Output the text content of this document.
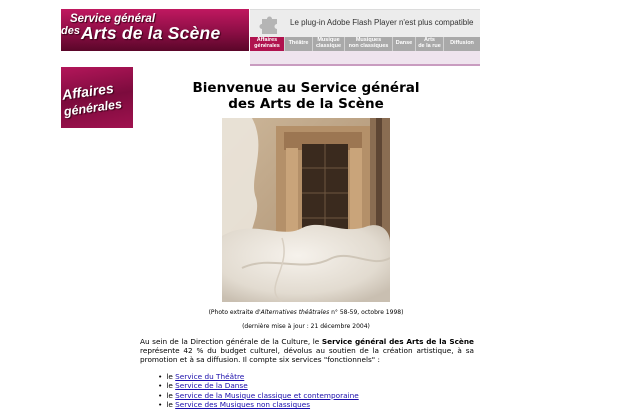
Service général
des Arts de la Scène
Le plug-in Adobe Flash Player n'est plus compatible
Affaires
générales Théâtre Musique
classique
Musiques
non classiques Danse	Arts
de la rue Diffusion
Affaires
générales
Bienvenue au Service général
des Arts de la Scène
(Photo extraite d'Alternatives théâtrales n° 58-59, octobre 1998)
(dernière mise à jour : 21 décembre 2004)
Au sein de la Direction générale de la Culture, le Service général des Arts de la Scène représente 42 % du budget culturel, dévolus au soutien de la création artistique, à sa promotion et à sa diffusion. Il compte six services "fonctionnels" :
• le Service du Théâtre
• le Service de la Danse
• le Service de la Musique classique et contemporaine
• le Service des Musiques non classiques
